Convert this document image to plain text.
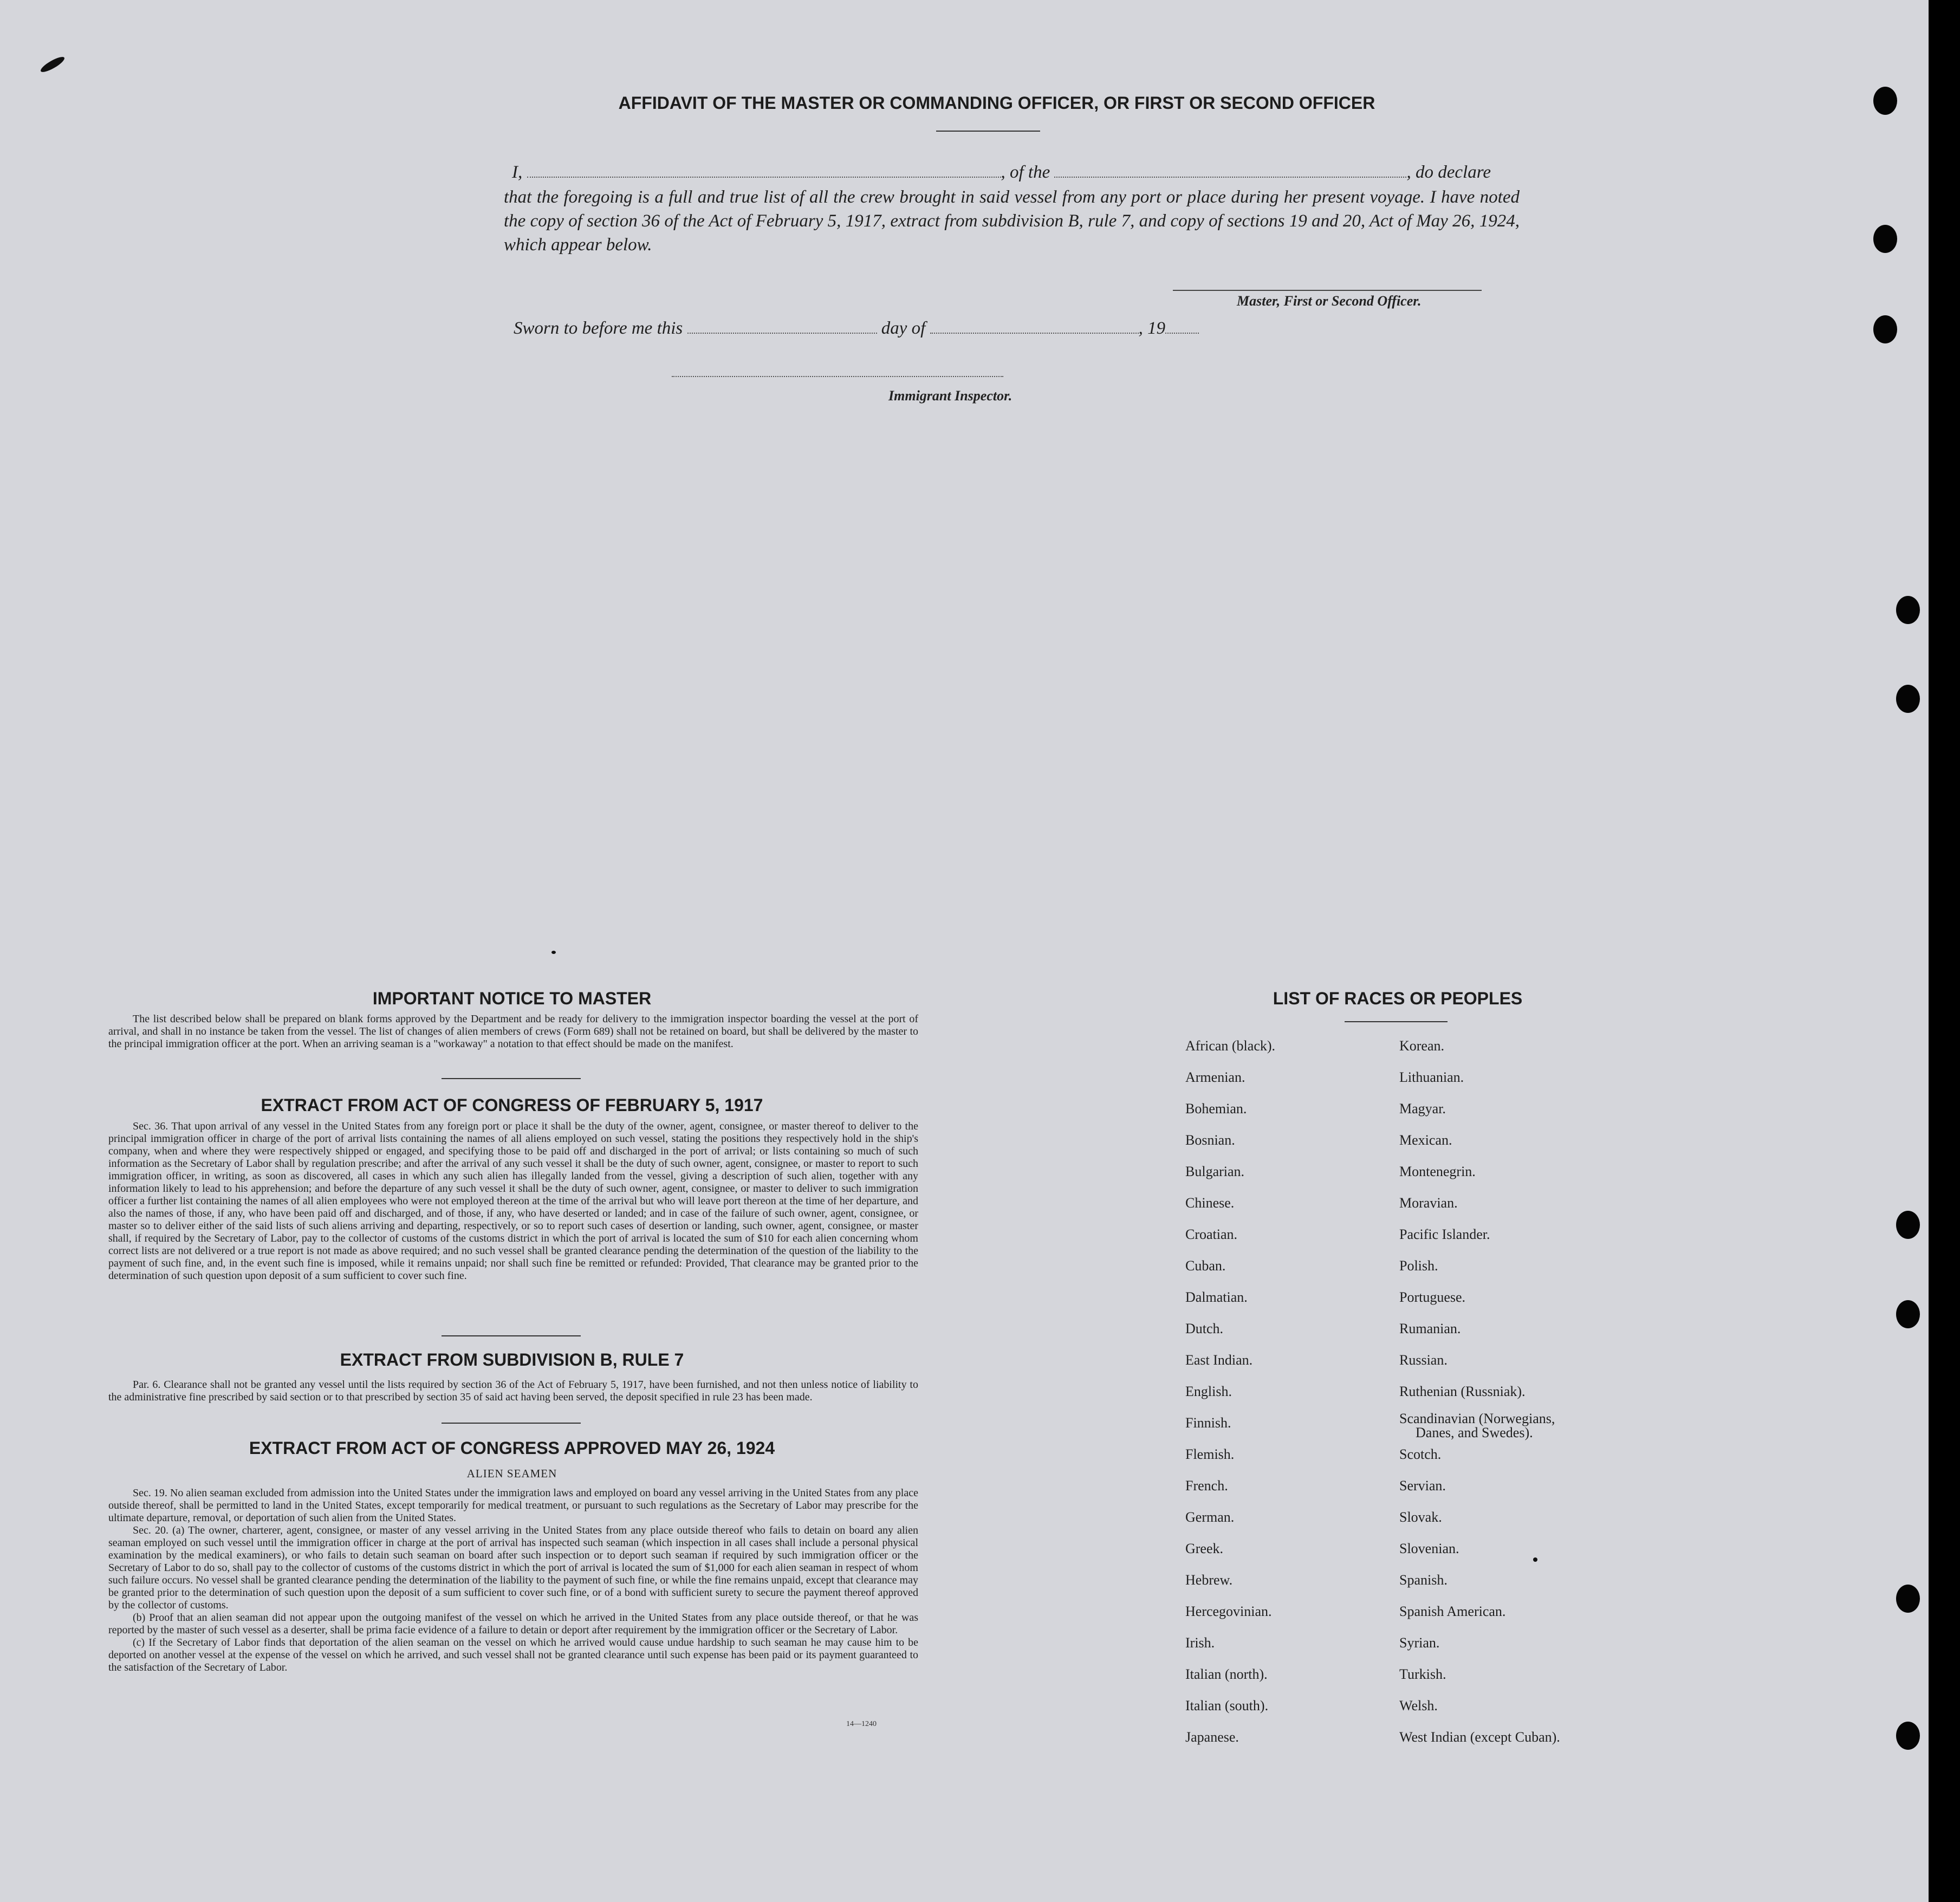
AFFIDAVIT OF THE MASTER OR COMMANDING OFFICER, OR FIRST OR SECOND OFFICER
I,	, of the	, do declare
that the foregoing is a full and true list of all the crew brought in said vessel from any port or place during her present voyage. I have noted the copy of section 36 of the Act of February 5, 1917, extract from subdivision B, rule 7, and copy of sections 19 and 20, Act of May 26, 1924, which appear below.
Master, First or Second Officer.
Sworn to before me this	day of	, 19
Immigrant Inspector.
IMPORTANT NOTICE TO MASTER

The list described below shall be prepared on blank forms approved by the Department and be ready for delivery to the immigration inspector boarding the vessel at the port of arrival, and shall in no instance be taken from the vessel. The list of changes of alien members of crews (Form 689) shall not be retained on board, but shall be delivered by the master to the principal immigration officer at the port. When an arriving seaman is a "workaway" a notation to that effect should be made on the manifest.

EXTRACT FROM ACT OF CONGRESS OF FEBRUARY 5, 1917

Sec. 36. That upon arrival of any vessel in the United States from any foreign port or place it shall be the duty of the owner, agent, consignee, or master thereof to deliver to the principal immigration officer in charge of the port of arrival lists containing the names of all aliens employed on such vessel, stating the positions they respectively hold in the ship's company, when and where they were respectively shipped or engaged, and specifying those to be paid off and discharged in the port of arrival; or lists containing so much of such information as the Secretary of Labor shall by regulation prescribe; and after the arrival of any such vessel it shall be the duty of such owner, agent, consignee, or master to report to such immigration officer, in writing, as soon as discovered, all cases in which any such alien has illegally landed from the vessel, giving a description of such alien, together with any information likely to lead to his apprehension; and before the departure of any such vessel it shall be the duty of such owner, agent, consignee, or master to deliver to such immigration officer a further list containing the names of all alien employees who were not employed thereon at the time of the arrival but who will leave port thereon at the time of her departure, and also the names of those, if any, who have been paid off and discharged, and of those, if any, who have deserted or landed; and in case of the failure of such owner, agent, consignee, or master so to deliver either of the said lists of such aliens arriving and departing, respectively, or so to report such cases of desertion or landing, such owner, agent, consignee, or master shall, if required by the Secretary of Labor, pay to the collector of customs of the customs district in which the port of arrival is located the sum of $10 for each alien concerning whom correct lists are not delivered or a true report is not made as above required; and no such vessel shall be granted clearance pending the determination of the question of the liability to the payment of such fine, and, in the event such fine is imposed, while it remains unpaid; nor shall such fine be remitted or refunded: Provided, That clearance may be granted prior to the determination of such question upon deposit of a sum sufficient to cover such fine.

EXTRACT FROM SUBDIVISION B, RULE 7

Par. 6. Clearance shall not be granted any vessel until the lists required by section 36 of the Act of February 5, 1917, have been furnished, and not then unless notice of liability to the administrative fine prescribed by said section or to that prescribed by section 35 of said act having been served, the deposit specified in rule 23 has been made.

EXTRACT FROM ACT OF CONGRESS APPROVED MAY 26, 1924
ALIEN SEAMEN

Sec. 19. No alien seaman excluded from admission into the United States under the immigration laws and employed on board any vessel arriving in the United States from any place outside thereof, shall be permitted to land in the United States, except temporarily for medical treatment, or pursuant to such regulations as the Secretary of Labor may prescribe for the ultimate departure, removal, or deportation of such alien from the United States.

Sec. 20. (a) The owner, charterer, agent, consignee, or master of any vessel arriving in the United States from any place outside thereof who fails to detain on board any alien seaman employed on such vessel until the immigration officer in charge at the port of arrival has inspected such seaman (which inspection in all cases shall include a personal physical examination by the medical examiners), or who fails to detain such seaman on board after such inspection or to deport such seaman if required by such immigration officer or the Secretary of Labor to do so, shall pay to the collector of customs of the customs district in which the port of arrival is located the sum of $1,000 for each alien seaman in respect of whom such failure occurs. No vessel shall be granted clearance pending the determination of the liability to the payment of such fine, or while the fine remains unpaid, except that clearance may be granted prior to the determination of such question upon the deposit of a sum sufficient to cover such fine, or of a bond with sufficient surety to secure the payment thereof approved by the collector of customs.

(b) Proof that an alien seaman did not appear upon the outgoing manifest of the vessel on which he arrived in the United States from any place outside thereof, or that he was reported by the master of such vessel as a deserter, shall be prima facie evidence of a failure to detain or deport after requirement by the immigration officer or the Secretary of Labor.

(c) If the Secretary of Labor finds that deportation of the alien seaman on the vessel on which he arrived would cause undue hardship to such seaman he may cause him to be deported on another vessel at the expense of the vessel on which he arrived, and such vessel shall not be granted clearance until such expense has been paid or its payment guaranteed to the satisfaction of the Secretary of Labor.

14—1240
LIST OF RACES OR PEOPLES
African (black).
Armenian.
Bohemian.
Bosnian.
Bulgarian.
Chinese.
Croatian.
Cuban.
Dalmatian.
Dutch.
East Indian.
English.
Finnish.
Flemish.
French.
German.
Greek.
Hebrew.
Hercegovinian.
Irish.
Italian (north).
Italian (south).
Japanese.
Korean.
Lithuanian.
Magyar.
Mexican.
Montenegrin.
Moravian.
Pacific Islander.
Polish.
Portuguese.
Rumanian.
Russian.
Ruthenian (Russniak).
Scandinavian (Norwegians,
Danes, and Swedes).
Scotch.
Servian.
Slovak.
Slovenian.
Spanish.
Spanish American.
Syrian.
Turkish.
Welsh.
West Indian (except Cuban).
